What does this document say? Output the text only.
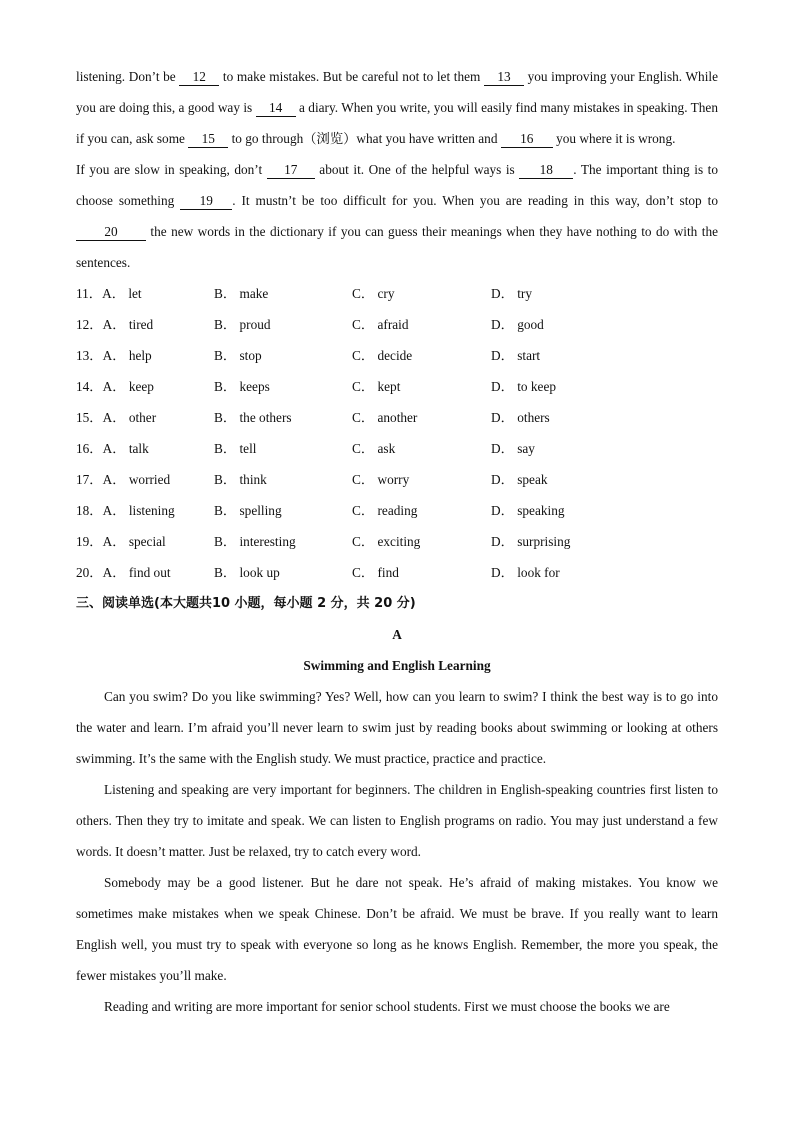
listening. Don’t be 12 to make mistakes. But be careful not to let them 13 you improving your English. While you are doing this, a good way is 14 a diary. When you write, you will easily find many mistakes in speaking. Then if you can, ask some 15 to go through（浏览）what you have written and 16 you where it is wrong.

If you are slow in speaking, don’t 17 about it. One of the helpful ways is 18 . The important thing is to choose something 19 . It mustn’t be too difficult for you. When you are reading in this way, don’t stop to 20 the new words in the dictionary if you can guess their meanings when they have nothing to do with the sentences.

11．A． let	B． make	C． cry	D． try
12．A． tired	B． proud	C． afraid	D． good
13．A． help	B． stop	C． decide	D． start
14．A． keep	B． keeps	C． kept	D． to keep
15．A． other	B． the others	C． another	D． others
16．A． talk	B． tell	C． ask	D． say
17．A． worried	B． think	C． worry	D． speak
18．A． listening	B． spelling	C． reading	D． speaking
19．A． special	B． interesting	C． exciting	D． surprising
20．A． find out	B． look up	C． find	D． look for
三、阅读单选(本大题共10 小题，每小题 2 分，共 20 分)
A
Swimming and English Learning

Can you swim? Do you like swimming? Yes? Well, how can you learn to swim? I think the best way is to go into the water and learn. I’m afraid you’ll never learn to swim just by reading books about swimming or looking at others swimming. It’s the same with the English study. We must practice, practice and practice.

Listening and speaking are very important for beginners. The children in English-speaking countries first listen to others. Then they try to imitate and speak. We can listen to English programs on radio. You may just understand a few words. It doesn’t matter. Just be relaxed, try to catch every word.

Somebody may be a good listener. But he dare not speak. He’s afraid of making mistakes. You know we sometimes make mistakes when we speak Chinese. Don’t be afraid. We must be brave. If you really want to learn English well, you must try to speak with everyone so long as he knows English. Remember, the more you speak, the fewer mistakes you’ll make.

Reading and writing are more important for senior school students. First we must choose the books we are
